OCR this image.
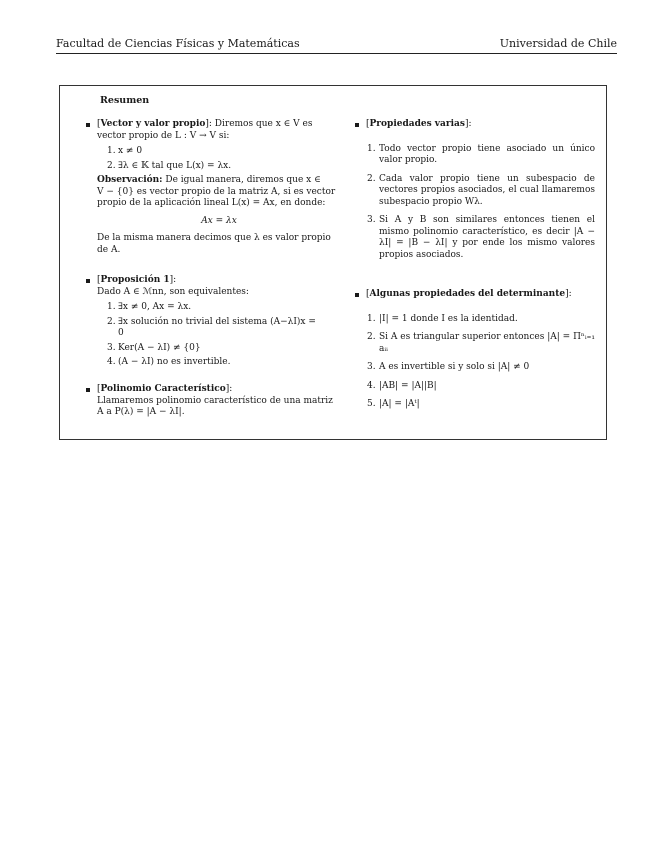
Facultad de Ciencias Físicas y Matemáticas	Universidad de Chile
Resumen
[Vector y valor propio]: Diremos que x ∈ V es

vector propio de L : V → V si:

1. x ≠ 0
2. ∃λ ∈ 𝕂 tal que L(x) = λx.

Observación: De igual manera, diremos que x ∈

V − {0} es vector propio de la matriz A, si es vector

propio de la aplicación lineal L(x) = Ax, en donde:

Ax = λx

De la misma manera decimos que λ es valor propio

de A.

[Proposición 1]:

Dado A ∈ ℳnn, son equivalentes:

1. ∃x ≠ 0, Ax = λx.
2. ∃x solución no trivial del sistema (A−λI)x =
0
3. Ker(A − λI) ≠ {0}
4. (A − λI) no es invertible.
[Polinomio Característico]:

Llamaremos polinomio característico de una matriz

A a P(λ) = |A − λI|.

[Propiedades varias]:
1. Todo vector propio tiene asociado un único valor propio.
2. Cada valor propio tiene un subespacio de vectores propios asociados, el cual llamaremos subespacio propio Wλ.
3. Si A y B son similares entonces tienen el mismo polinomio característico, es decir |A − λI| = |B − λI| y por ende los mismo valores propios asociados.
[Algunas propiedades del determinante]:
1. |I| = 1 donde I es la identidad.
2. Si A es triangular superior entonces |A| = Πⁿᵢ₌₁ aᵢᵢ
3. A es invertible si y solo si |A| ≠ 0
4. |AB| = |A||B|
5. |A| = |Aᵗ|
